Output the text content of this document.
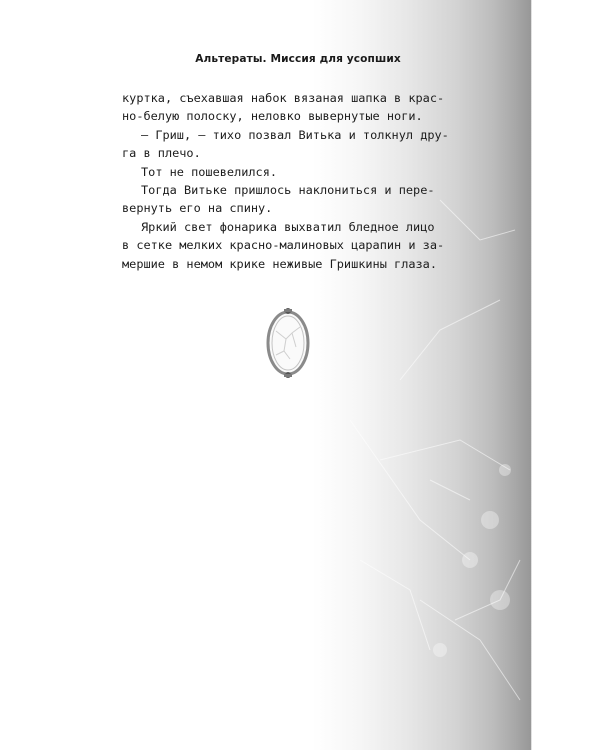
Альтераты. Миссия для усопших
куртка, съехавшая набок вязаная шапка в крас-
но-белую полоску, неловко вывернутые ноги.
— Гриш, — тихо позвал Витька и толкнул дру-
га в плечо.
Тот не пошевелился.
Тогда Витьке пришлось наклониться и пере-
вернуть его на спину.
Яркий свет фонарика выхватил бледное лицо
в сетке мелких красно-малиновых царапин и за-
мершие в немом крике неживые Гришкины глаза.
